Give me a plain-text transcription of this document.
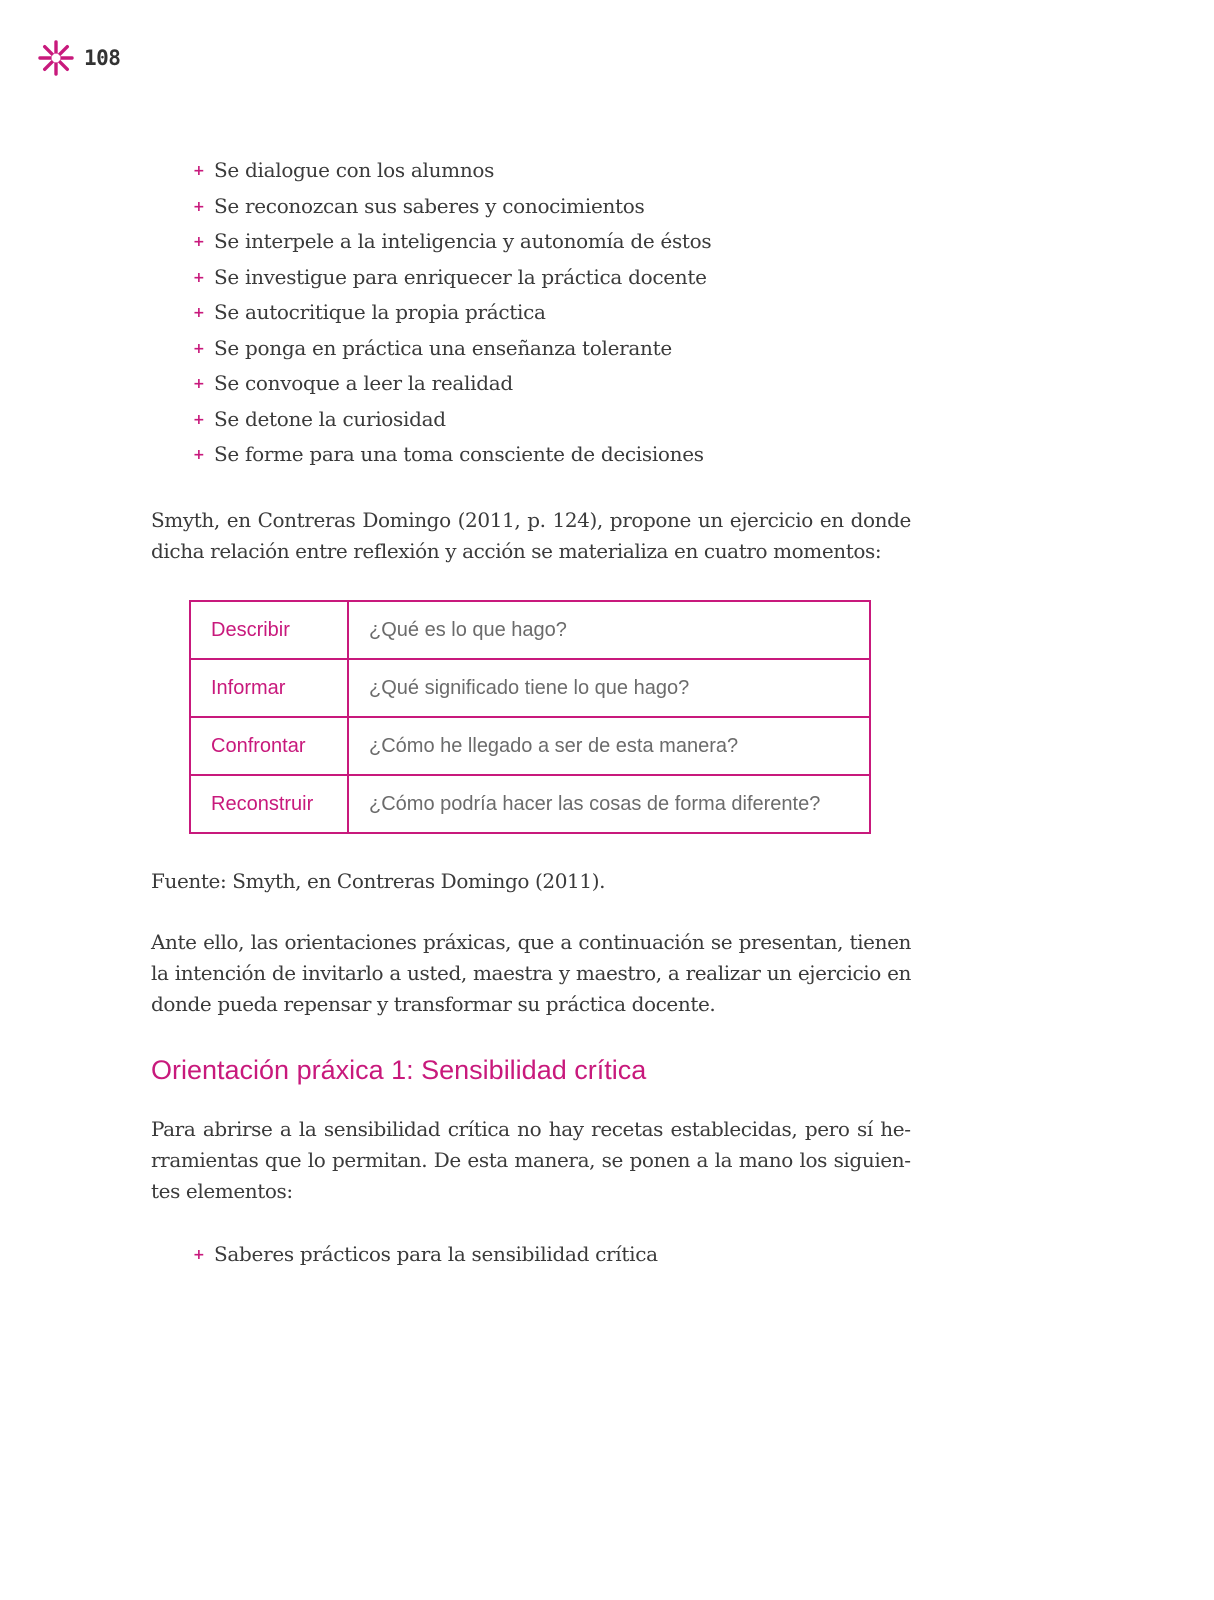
108
+ Se dialogue con los alumnos
+ Se reconozcan sus saberes y conocimientos
+ Se interpele a la inteligencia y autonomía de éstos
+ Se investigue para enriquecer la práctica docente
+ Se autocritique la propia práctica
+ Se ponga en práctica una enseñanza tolerante
+ Se convoque a leer la realidad
+ Se detone la curiosidad
+ Se forme para una toma consciente de decisiones

Smyth, en Contreras Domingo (2011, p. 124), propone un ejercicio en donde dicha relación entre reflexión y acción se materializa en cuatro momentos:

Describir	¿Qué es lo que hago?
Informar	¿Qué significado tiene lo que hago?
Confrontar	¿Cómo he llegado a ser de esta manera?
Reconstruir	¿Cómo podría hacer las cosas de forma diferente?

Fuente: Smyth, en Contreras Domingo (2011).

Ante ello, las orientaciones práxicas, que a continuación se presentan, tienen la intención de invitarlo a usted, maestra y maestro, a realizar un ejercicio en donde pueda repensar y transformar su práctica docente.

Orientación práxica 1: Sensibilidad crítica

Para abrirse a la sensibilidad crítica no hay recetas establecidas, pero sí herramientas que lo permitan. De esta manera, se ponen a la mano los siguientes elementos:

+ Saberes prácticos para la sensibilidad crítica
